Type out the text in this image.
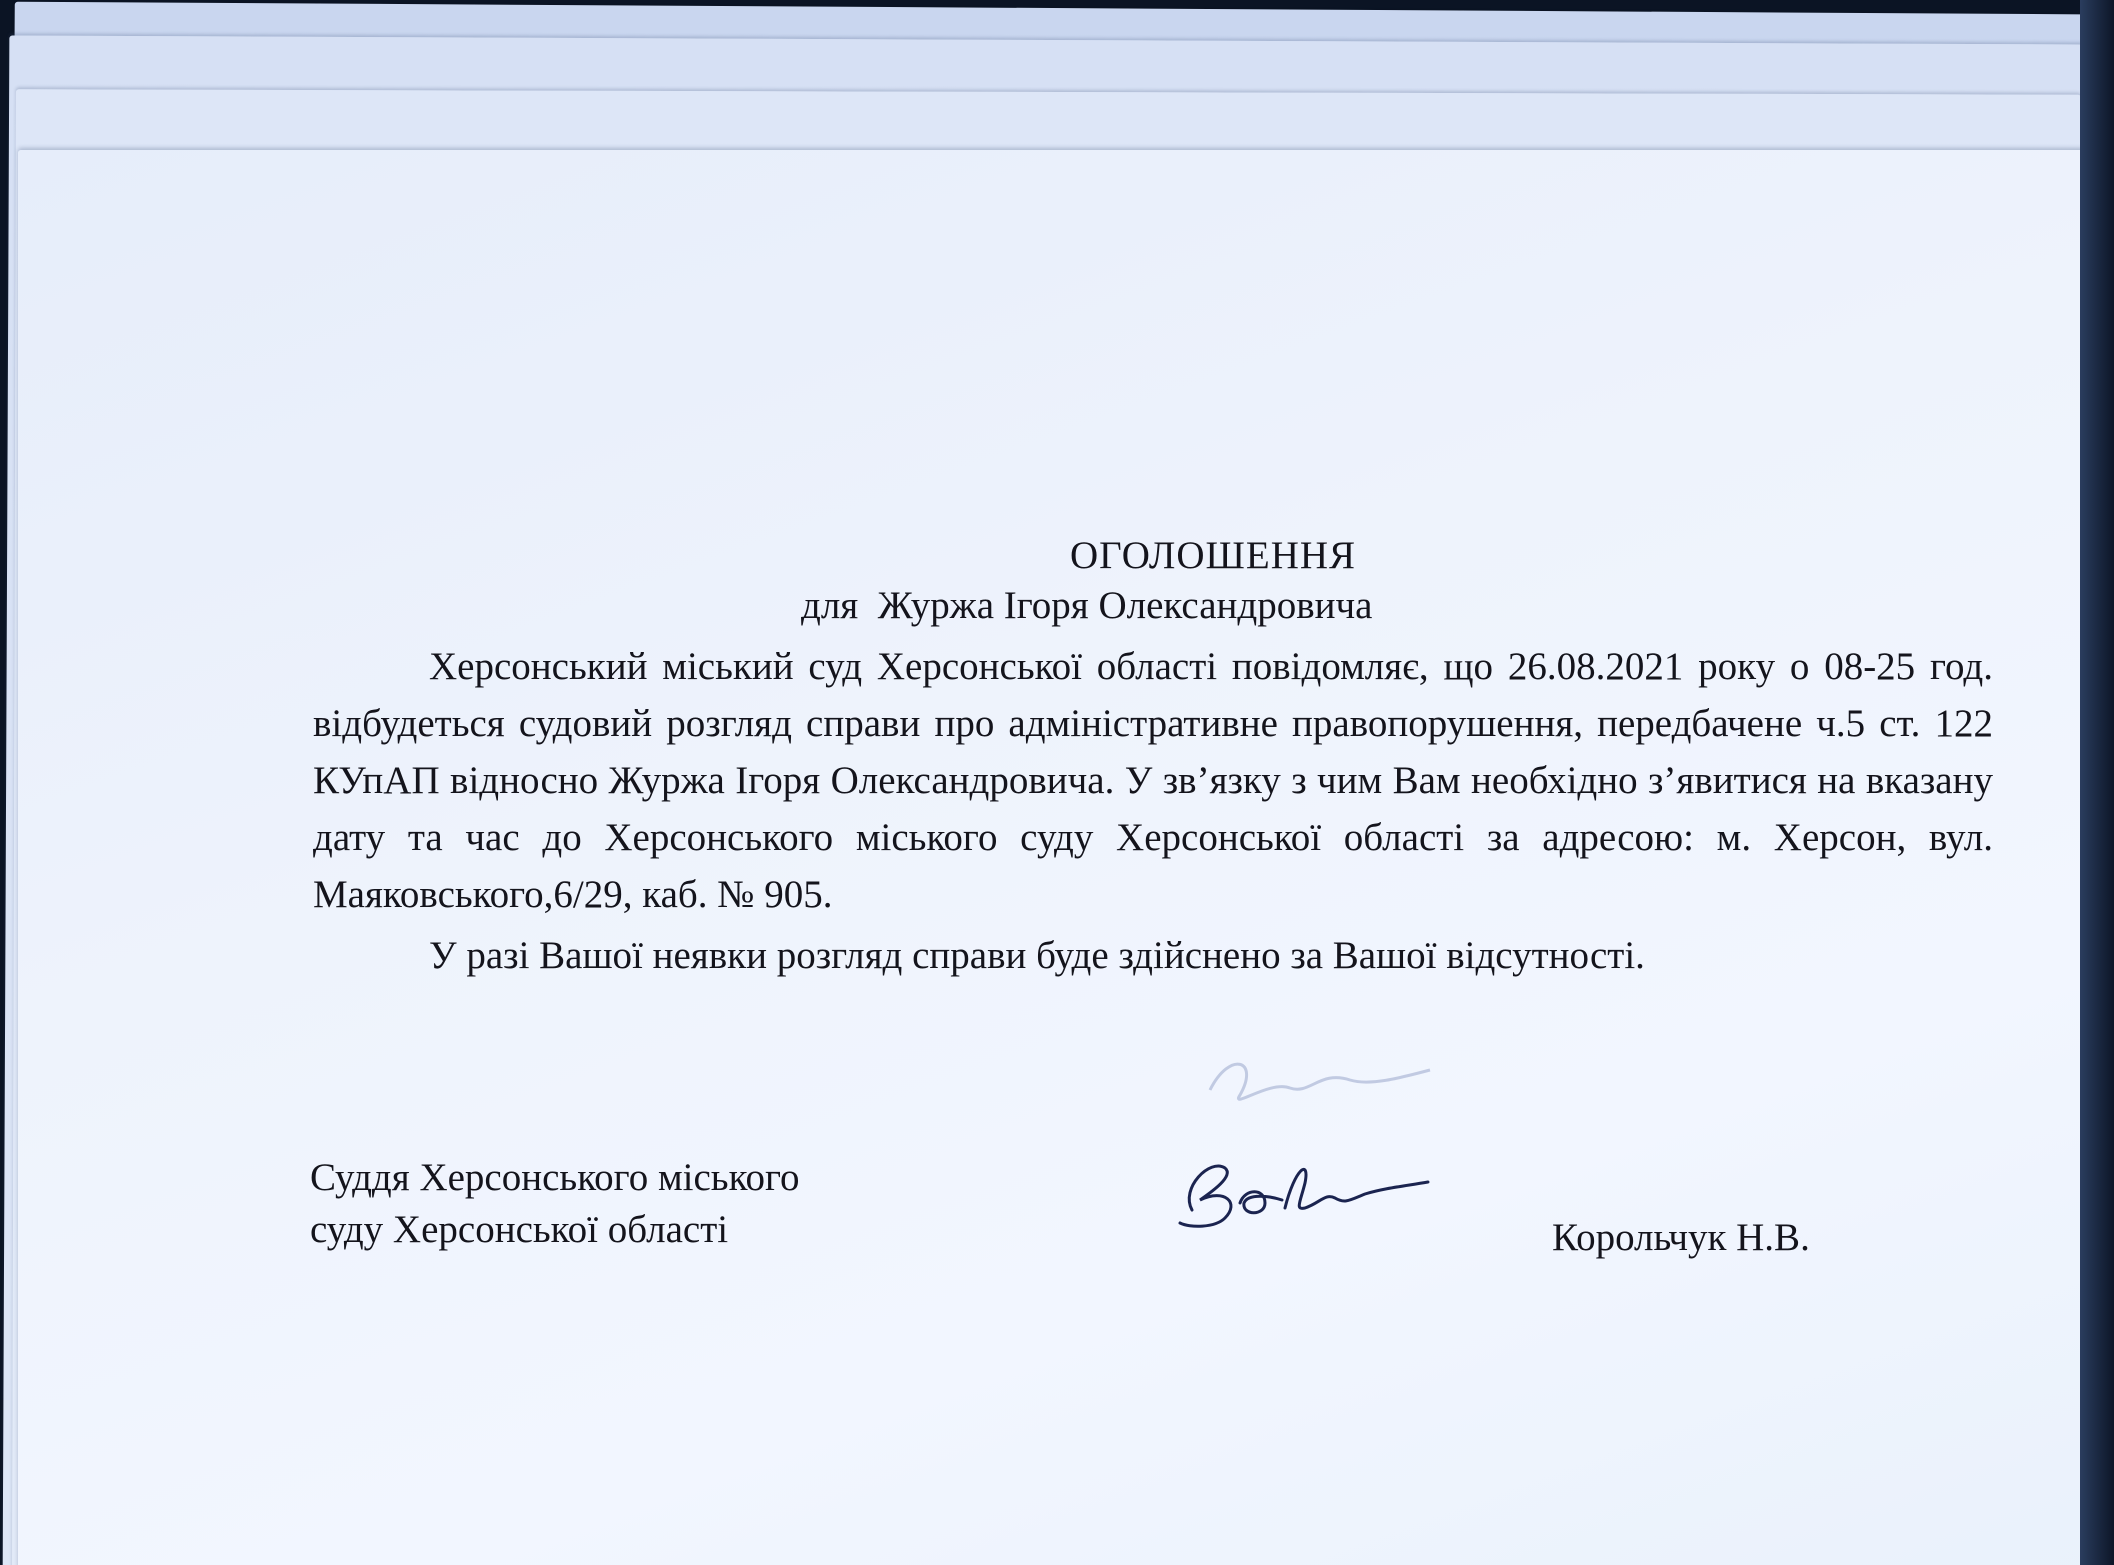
ОГОЛОШЕННЯ
для  Журжа Ігоря Олександровича
Херсонський міський суд Херсонської області повідомляє, що 26.08.2021 року о 08-25 год. відбудеться судовий розгляд справи про адміністративне правопорушення, передбачене ч.5 ст. 122 КУпАП відносно Журжа Ігоря Олександровича. У зв’язку з чим Вам необхідно з’явитися на вказану дату та час до Херсонського міського суду Херсонської області за адресою: м. Херсон, вул. Маяковського,6/29, каб. № 905.
У разі Вашої неявки розгляд справи буде здійснено за Вашої відсутності.
Суддя Херсонського міського
суду Херсонської області	Корольчук Н.В.
